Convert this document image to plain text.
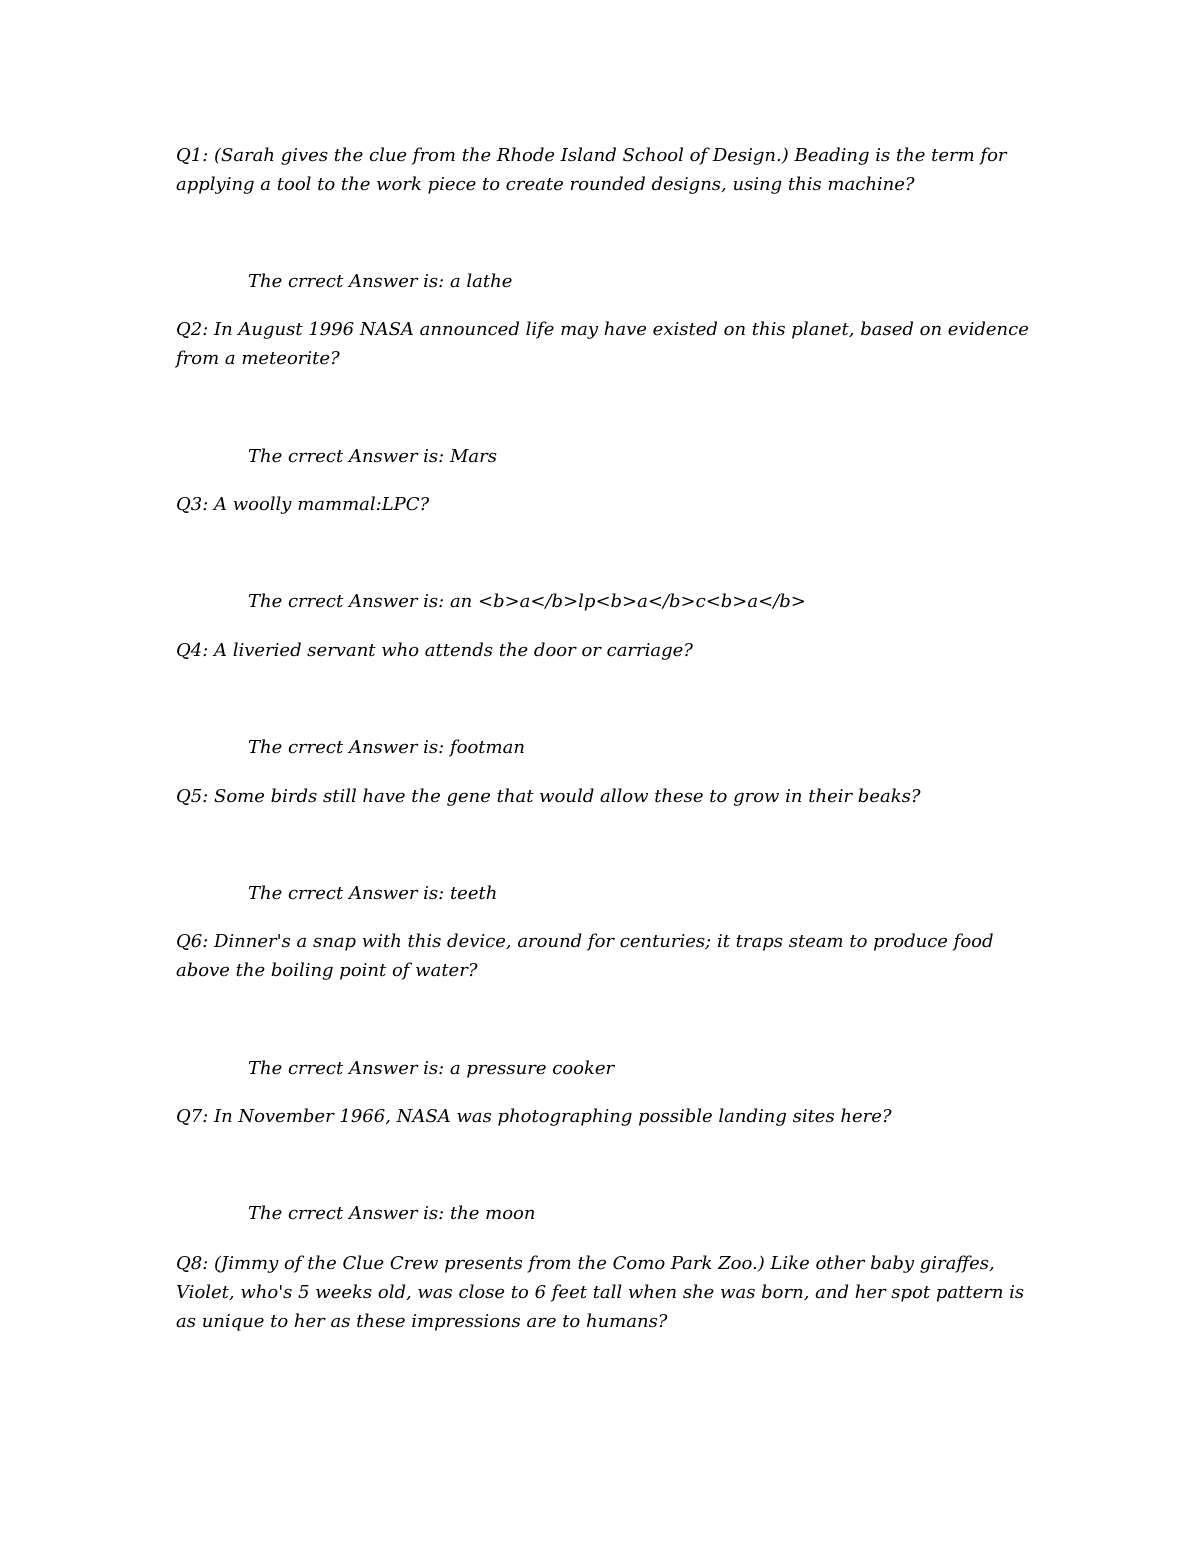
Q1: (Sarah gives the clue from the Rhode Island School of Design.) Beading is the term for applying a tool to the work piece to create rounded designs, using this machine?
The crrect Answer is: a lathe
Q2: In August 1996 NASA announced life may have existed on this planet, based on evidence from a meteorite?
The crrect Answer is: Mars
Q3: A woolly mammal:LPC?
The crrect Answer is: an <b>a</b>lp<b>a</b>c<b>a</b>
Q4: A liveried servant who attends the door or carriage?
The crrect Answer is: footman
Q5: Some birds still have the gene that would allow these to grow in their beaks?
The crrect Answer is: teeth
Q6: Dinner's a snap with this device, around for centuries; it traps steam to produce food above the boiling point of water?
The crrect Answer is: a pressure cooker
Q7: In November 1966, NASA was photographing possible landing sites here?
The crrect Answer is: the moon
Q8: (Jimmy of the Clue Crew presents from the Como Park Zoo.) Like other baby giraffes, Violet, who's 5 weeks old, was close to 6 feet tall when she was born, and her spot pattern is as unique to her as these impressions are to humans?
